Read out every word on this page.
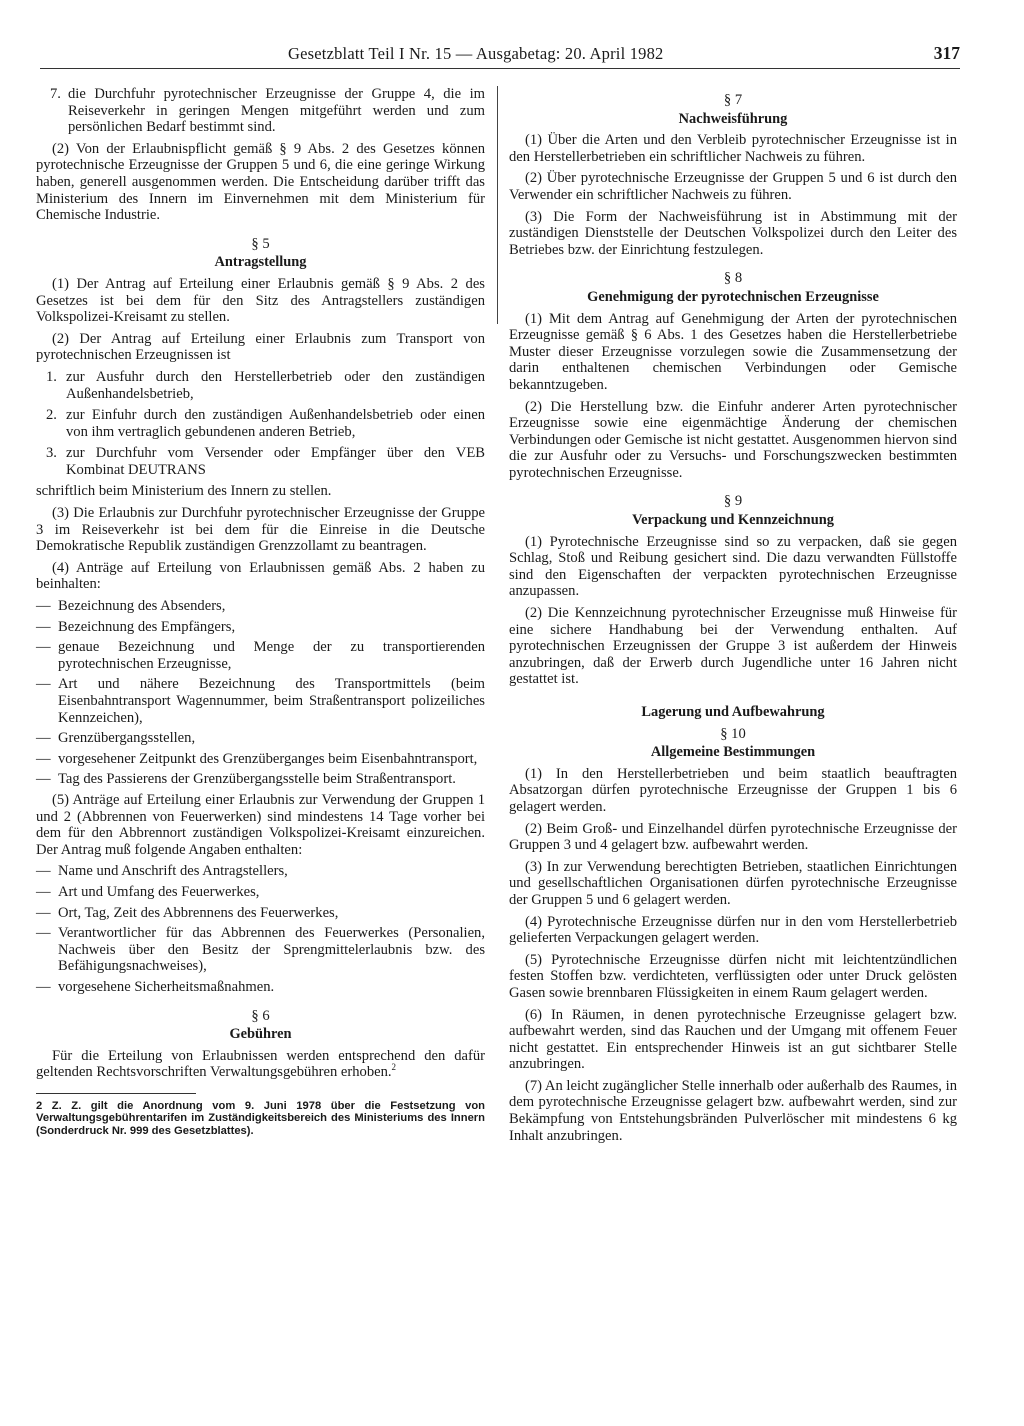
Gesetzblatt Teil I Nr. 15 — Ausgabetag: 20. April 1982	317
7. die Durchfuhr pyrotechnischer Erzeugnisse der Gruppe 4, die im Reiseverkehr in geringen Mengen mitgeführt werden und zum persönlichen Bedarf bestimmt sind.

(2) Von der Erlaubnispflicht gemäß § 9 Abs. 2 des Gesetzes können pyrotechnische Erzeugnisse der Gruppen 5 und 6, die eine geringe Wirkung haben, generell ausgenommen werden. Die Entscheidung darüber trifft das Ministerium des Innern im Einvernehmen mit dem Ministerium für Chemische Industrie.

§ 5
Antragstellung

(1) Der Antrag auf Erteilung einer Erlaubnis gemäß § 9 Abs. 2 des Gesetzes ist bei dem für den Sitz des Antragstellers zuständigen Volkspolizei-Kreisamt zu stellen.

(2) Der Antrag auf Erteilung einer Erlaubnis zum Transport von pyrotechnischen Erzeugnissen ist

1. zur Ausfuhr durch den Herstellerbetrieb oder den zuständigen Außenhandelsbetrieb,
2. zur Einfuhr durch den zuständigen Außenhandelsbetrieb oder einen von ihm vertraglich gebundenen anderen Betrieb,
3. zur Durchfuhr vom Versender oder Empfänger über den VEB Kombinat DEUTRANS

schriftlich beim Ministerium des Innern zu stellen.

(3) Die Erlaubnis zur Durchfuhr pyrotechnischer Erzeugnisse der Gruppe 3 im Reiseverkehr ist bei dem für die Einreise in die Deutsche Demokratische Republik zuständigen Grenzzollamt zu beantragen.

(4) Anträge auf Erteilung von Erlaubnissen gemäß Abs. 2 haben zu beinhalten:

— Bezeichnung des Absenders,
— Bezeichnung des Empfängers,
— genaue Bezeichnung und Menge der zu transportierenden pyrotechnischen Erzeugnisse,
— Art und nähere Bezeichnung des Transportmittels (beim Eisenbahntransport Wagennummer, beim Straßentransport polizeiliches Kennzeichen),
— Grenzübergangsstellen,
— vorgesehener Zeitpunkt des Grenzüberganges beim Eisenbahntransport,
— Tag des Passierens der Grenzübergangsstelle beim Straßentransport.

(5) Anträge auf Erteilung einer Erlaubnis zur Verwendung der Gruppen 1 und 2 (Abbrennen von Feuerwerken) sind mindestens 14 Tage vorher bei dem für den Abbrennort zuständigen Volkspolizei-Kreisamt einzureichen. Der Antrag muß folgende Angaben enthalten:

— Name und Anschrift des Antragstellers,
— Art und Umfang des Feuerwerkes,
— Ort, Tag, Zeit des Abbrennens des Feuerwerkes,
— Verantwortlicher für das Abbrennen des Feuerwerkes (Personalien, Nachweis über den Besitz der Sprengmittelerlaubnis bzw. des Befähigungsnachweises),
— vorgesehene Sicherheitsmaßnahmen.
§ 6
Gebühren

Für die Erteilung von Erlaubnissen werden entsprechend den dafür geltenden Rechtsvorschriften Verwaltungsgebühren erhoben.$^2$

2 Z. Z. gilt die Anordnung vom 9. Juni 1978 über die Festsetzung von Verwaltungsgebührentarifen im Zuständigkeitsbereich des Ministeriums des Innern (Sonderdruck Nr. 999 des Gesetzblattes).
§ 7
Nachweisführung

(1) Über die Arten und den Verbleib pyrotechnischer Erzeugnisse ist in den Herstellerbetrieben ein schriftlicher Nachweis zu führen.

(2) Über pyrotechnische Erzeugnisse der Gruppen 5 und 6 ist durch den Verwender ein schriftlicher Nachweis zu führen.

(3) Die Form der Nachweisführung ist in Abstimmung mit der zuständigen Dienststelle der Deutschen Volkspolizei durch den Leiter des Betriebes bzw. der Einrichtung festzulegen.

§ 8
Genehmigung der pyrotechnischen Erzeugnisse

(1) Mit dem Antrag auf Genehmigung der Arten der pyrotechnischen Erzeugnisse gemäß § 6 Abs. 1 des Gesetzes haben die Herstellerbetriebe Muster dieser Erzeugnisse vorzulegen sowie die Zusammensetzung der darin enthaltenen chemischen Verbindungen oder Gemische bekanntzugeben.

(2) Die Herstellung bzw. die Einfuhr anderer Arten pyrotechnischer Erzeugnisse sowie eine eigenmächtige Änderung der chemischen Verbindungen oder Gemische ist nicht gestattet. Ausgenommen hiervon sind die zur Ausfuhr oder zu Versuchs- und Forschungszwecken bestimmten pyrotechnischen Erzeugnisse.

§ 9
Verpackung und Kennzeichnung

(1) Pyrotechnische Erzeugnisse sind so zu verpacken, daß sie gegen Schlag, Stoß und Reibung gesichert sind. Die dazu verwandten Füllstoffe sind den Eigenschaften der verpackten pyrotechnischen Erzeugnisse anzupassen.

(2) Die Kennzeichnung pyrotechnischer Erzeugnisse muß Hinweise für eine sichere Handhabung bei der Verwendung enthalten. Auf pyrotechnischen Erzeugnissen der Gruppe 3 ist außerdem der Hinweis anzubringen, daß der Erwerb durch Jugendliche unter 16 Jahren nicht gestattet ist.

Lagerung und Aufbewahrung
§ 10
Allgemeine Bestimmungen

(1) In den Herstellerbetrieben und beim staatlich beauftragten Absatzorgan dürfen pyrotechnische Erzeugnisse der Gruppen 1 bis 6 gelagert werden.

(2) Beim Groß- und Einzelhandel dürfen pyrotechnische Erzeugnisse der Gruppen 3 und 4 gelagert bzw. aufbewahrt werden.

(3) In zur Verwendung berechtigten Betrieben, staatlichen Einrichtungen und gesellschaftlichen Organisationen dürfen pyrotechnische Erzeugnisse der Gruppen 5 und 6 gelagert werden.

(4) Pyrotechnische Erzeugnisse dürfen nur in den vom Herstellerbetrieb gelieferten Verpackungen gelagert werden.

(5) Pyrotechnische Erzeugnisse dürfen nicht mit leichtentzündlichen festen Stoffen bzw. verdichteten, verflüssigten oder unter Druck gelösten Gasen sowie brennbaren Flüssigkeiten in einem Raum gelagert werden.

(6) In Räumen, in denen pyrotechnische Erzeugnisse gelagert bzw. aufbewahrt werden, sind das Rauchen und der Umgang mit offenem Feuer nicht gestattet. Ein entsprechender Hinweis ist an gut sichtbarer Stelle anzubringen.

(7) An leicht zugänglicher Stelle innerhalb oder außerhalb des Raumes, in dem pyrotechnische Erzeugnisse gelagert bzw. aufbewahrt werden, sind zur Bekämpfung von Entstehungsbränden Pulverlöscher mit mindestens 6 kg Inhalt anzubringen.
